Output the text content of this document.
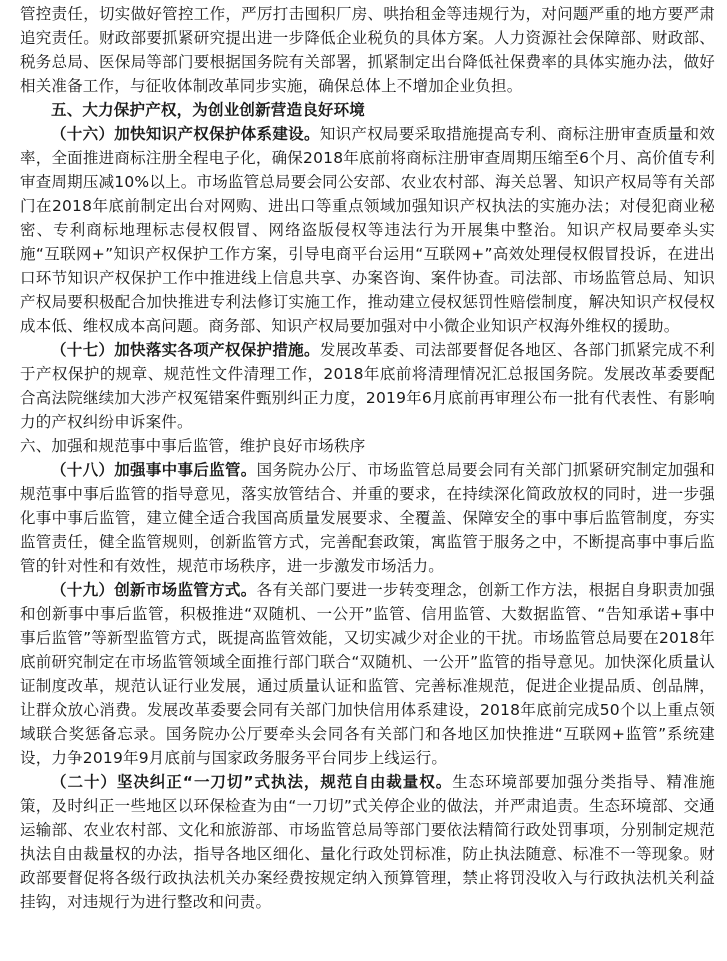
管控责任，切实做好管控工作，严厉打击囤积厂房、哄抬租金等违规行为，对问题严重的地方要严肃追究责任。财政部要抓紧研究提出进一步降低企业税负的具体方案。人力资源社会保障部、财政部、税务总局、医保局等部门要根据国务院有关部署，抓紧制定出台降低社保费率的具体实施办法，做好相关准备工作，与征收体制改革同步实施，确保总体上不增加企业负担。

五、大力保护产权，为创业创新营造良好环境

（十六）加快知识产权保护体系建设。知识产权局要采取措施提高专利、商标注册审查质量和效率，全面推进商标注册全程电子化，确保2018年底前将商标注册审查周期压缩至6个月、高价值专利审查周期压减10%以上。市场监管总局要会同公安部、农业农村部、海关总署、知识产权局等有关部门在2018年底前制定出台对网购、进出口等重点领域加强知识产权执法的实施办法；对侵犯商业秘密、专利商标地理标志侵权假冒、网络盗版侵权等违法行为开展集中整治。知识产权局要牵头实施“互联网+”知识产权保护工作方案，引导电商平台运用“互联网+”高效处理侵权假冒投诉，在进出口环节知识产权保护工作中推进线上信息共享、办案咨询、案件协查。司法部、市场监管总局、知识产权局要积极配合加快推进专利法修订实施工作，推动建立侵权惩罚性赔偿制度，解决知识产权侵权成本低、维权成本高问题。商务部、知识产权局要加强对中小微企业知识产权海外维权的援助。

（十七）加快落实各项产权保护措施。发展改革委、司法部要督促各地区、各部门抓紧完成不利于产权保护的规章、规范性文件清理工作，2018年底前将清理情况汇总报国务院。发展改革委要配合高法院继续加大涉产权冤错案件甄别纠正力度，2019年6月底前再审理公布一批有代表性、有影响力的产权纠纷申诉案件。

六、加强和规范事中事后监管，维护良好市场秩序

（十八）加强事中事后监管。国务院办公厅、市场监管总局要会同有关部门抓紧研究制定加强和规范事中事后监管的指导意见，落实放管结合、并重的要求，在持续深化简政放权的同时，进一步强化事中事后监管，建立健全适合我国高质量发展要求、全覆盖、保障安全的事中事后监管制度，夯实监管责任，健全监管规则，创新监管方式，完善配套政策，寓监管于服务之中，不断提高事中事后监管的针对性和有效性，规范市场秩序，进一步激发市场活力。

（十九）创新市场监管方式。各有关部门要进一步转变理念，创新工作方法，根据自身职责加强和创新事中事后监管，积极推进“双随机、一公开”监管、信用监管、大数据监管、“告知承诺+事中事后监管”等新型监管方式，既提高监管效能，又切实减少对企业的干扰。市场监管总局要在2018年底前研究制定在市场监管领域全面推行部门联合“双随机、一公开”监管的指导意见。加快深化质量认证制度改革，规范认证行业发展，通过质量认证和监管、完善标准规范，促进企业提品质、创品牌，让群众放心消费。发展改革委要会同有关部门加快信用体系建设，2018年底前完成50个以上重点领域联合奖惩备忘录。国务院办公厅要牵头会同各有关部门和各地区加快推进“互联网+监管”系统建设，力争2019年9月底前与国家政务服务平台同步上线运行。

（二十）坚决纠正“一刀切”式执法，规范自由裁量权。生态环境部要加强分类指导、精准施策，及时纠正一些地区以环保检查为由“一刀切”式关停企业的做法，并严肃追责。生态环境部、交通运输部、农业农村部、文化和旅游部、市场监管总局等部门要依法精简行政处罚事项，分别制定规范执法自由裁量权的办法，指导各地区细化、量化行政处罚标准，防止执法随意、标准不一等现象。财政部要督促将各级行政执法机关办案经费按规定纳入预算管理，禁止将罚没收入与行政执法机关利益挂钩，对违规行为进行整改和问责。
